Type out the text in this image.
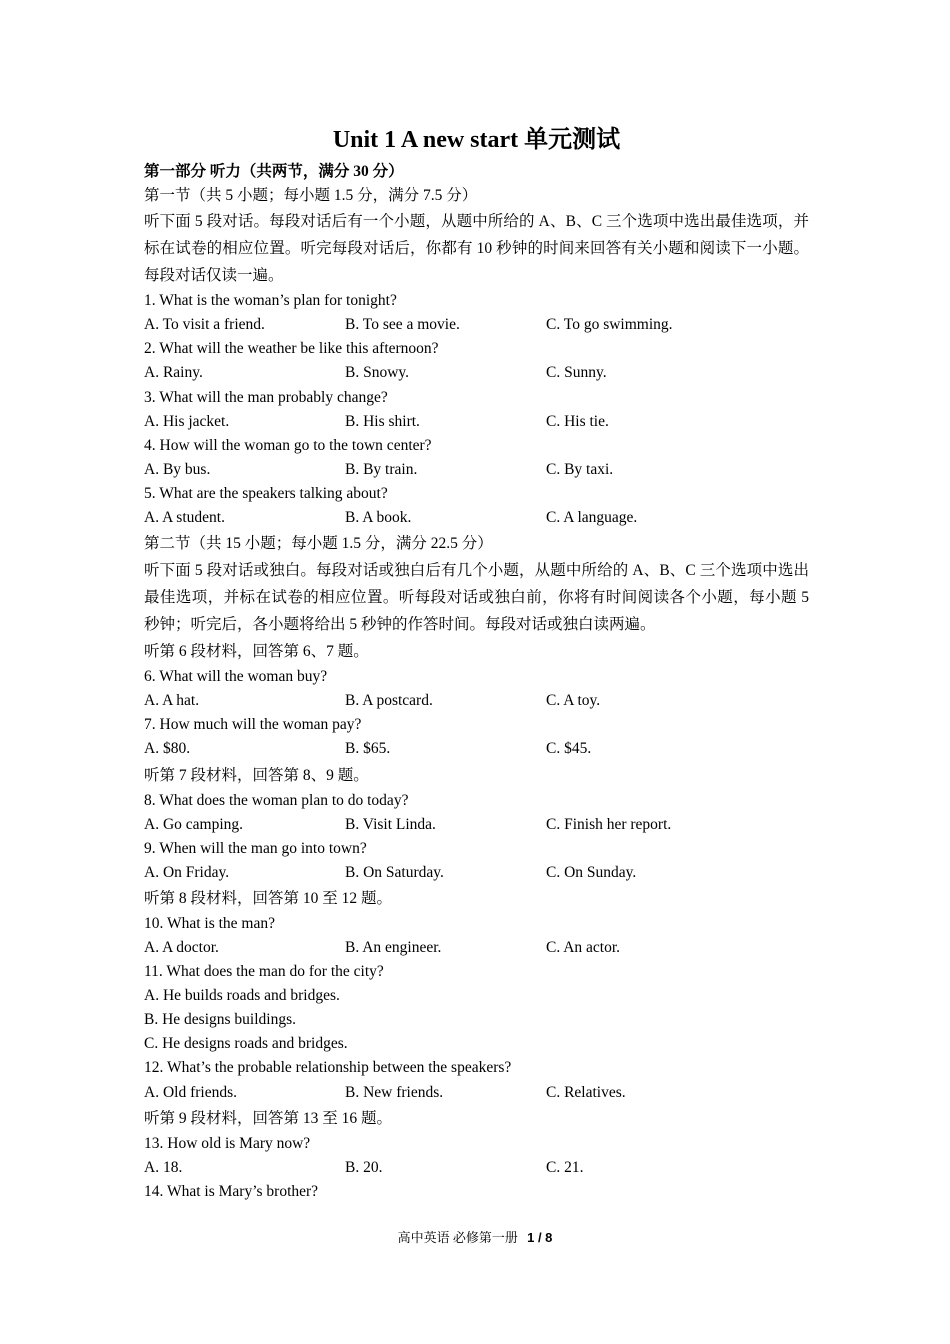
Unit 1 A new start 单元测试
第一部分 听力（共两节，满分 30 分）
第一节（共 5 小题；每小题 1.5 分，满分 7.5 分）
听下面 5 段对话。每段对话后有一个小题，从题中所给的 A、B、C 三个选项中选出最佳选项，并标在试卷的相应位置。听完每段对话后，你都有 10 秒钟的时间来回答有关小题和阅读下一小题。每段对话仅读一遍。
1. What is the woman’s plan for tonight?
A. To visit a friend.	B. To see a movie.	C. To go swimming.
2. What will the weather be like this afternoon?
A. Rainy.	B. Snowy.	C. Sunny.
3. What will the man probably change?
A. His jacket.	B. His shirt.	C. His tie.
4. How will the woman go to the town center?
A. By bus.	B. By train.	C. By taxi.
5. What are the speakers talking about?
A. A student.	B. A book.	C. A language.
第二节（共 15 小题；每小题 1.5 分，满分 22.5 分）
听下面 5 段对话或独白。每段对话或独白后有几个小题，从题中所给的 A、B、C 三个选项中选出最佳选项，并标在试卷的相应位置。听每段对话或独白前，你将有时间阅读各个小题，每小题 5 秒钟；听完后，各小题将给出 5 秒钟的作答时间。每段对话或独白读两遍。
听第 6 段材料，回答第 6、7 题。
6. What will the woman buy?
A. A hat.	B. A postcard.	C. A toy.
7. How much will the woman pay?
A. $80.	B. $65.	C. $45.
听第 7 段材料，回答第 8、9 题。
8. What does the woman plan to do today?
A. Go camping.	B. Visit Linda.	C. Finish her report.
9. When will the man go into town?
A. On Friday.	B. On Saturday.	C. On Sunday.
听第 8 段材料，回答第 10 至 12 题。
10. What is the man?
A. A doctor.	B. An engineer.	C. An actor.
11. What does the man do for the city?
A. He builds roads and bridges.
B. He designs buildings.
C. He designs roads and bridges.
12. What’s the probable relationship between the speakers?
A. Old friends.	B. New friends.	C. Relatives.
听第 9 段材料，回答第 13 至 16 题。
13. How old is Mary now?
A. 18.	B. 20.	C. 21.
14. What is Mary’s brother?
高中英语 必修第一册 1 / 8
